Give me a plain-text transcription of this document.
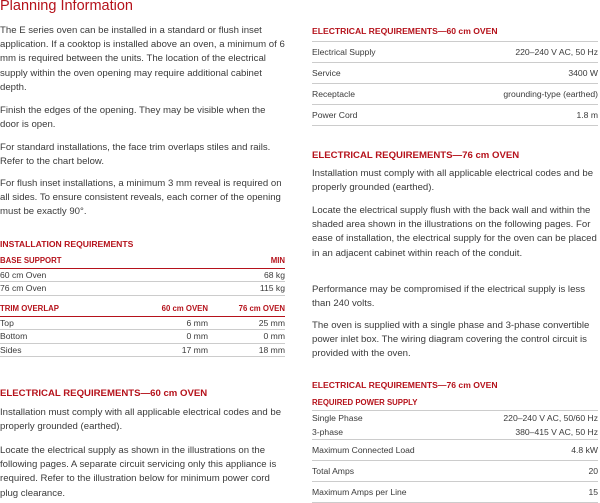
Planning Information

The E series oven can be installed in a standard or flush inset application. If a cooktop is installed above an oven, a minimum of 6 mm is required between the units. The location of the electrical supply within the oven opening may require additional cabinet depth.

Finish the edges of the opening. They may be visible when the door is open.

For standard installations, the face trim overlaps stiles and rails. Refer to the chart below.

For flush inset installations, a minimum 3 mm reveal is required on all sides. To ensure consistent reveals, each corner of the opening must be exactly 90°.

INSTALLATION REQUIREMENTS
BASE SUPPORT	MIN
60 cm Oven	68 kg
76 cm Oven	115 kg
TRIM OVERLAP	60 cm OVEN	76 cm OVEN
Top	6 mm	25 mm
Bottom	0 mm	0 mm
Sides	17 mm	18 mm
ELECTRICAL REQUIREMENTS—60 cm OVEN

Installation must comply with all applicable electrical codes and be properly grounded (earthed).

Locate the electrical supply as shown in the illustrations on the following pages. A separate circuit servicing only this appliance is required. Refer to the illustration below for minimum power cord plug clearance.

ELECTRICAL REQUIREMENTS—60 cm OVEN
Electrical Supply	220–240 V AC, 50 Hz
Service	3400 W
Receptacle	grounding-type (earthed)
Power Cord	1.8 m
ELECTRICAL REQUIREMENTS—76 cm OVEN

Installation must comply with all applicable electrical codes and be properly grounded (earthed).

Locate the electrical supply flush with the back wall and within the shaded area shown in the illustrations on the following pages. For ease of installation, the electrical supply for the oven can be placed in an adjacent cabinet within reach of the conduit.

Performance may be compromised if the electrical supply is less than 240 volts.

The oven is supplied with a single phase and 3-phase convertible power inlet box. The wiring diagram covering the control circuit is provided with the oven.

ELECTRICAL REQUIREMENTS—76 cm OVEN
REQUIRED POWER SUPPLY
Single Phase	220–240 V AC, 50/60 Hz
3-phase	380–415 V AC, 50 Hz
Maximum Connected Load	4.8 kW
Total Amps	20
Maximum Amps per Line	15
